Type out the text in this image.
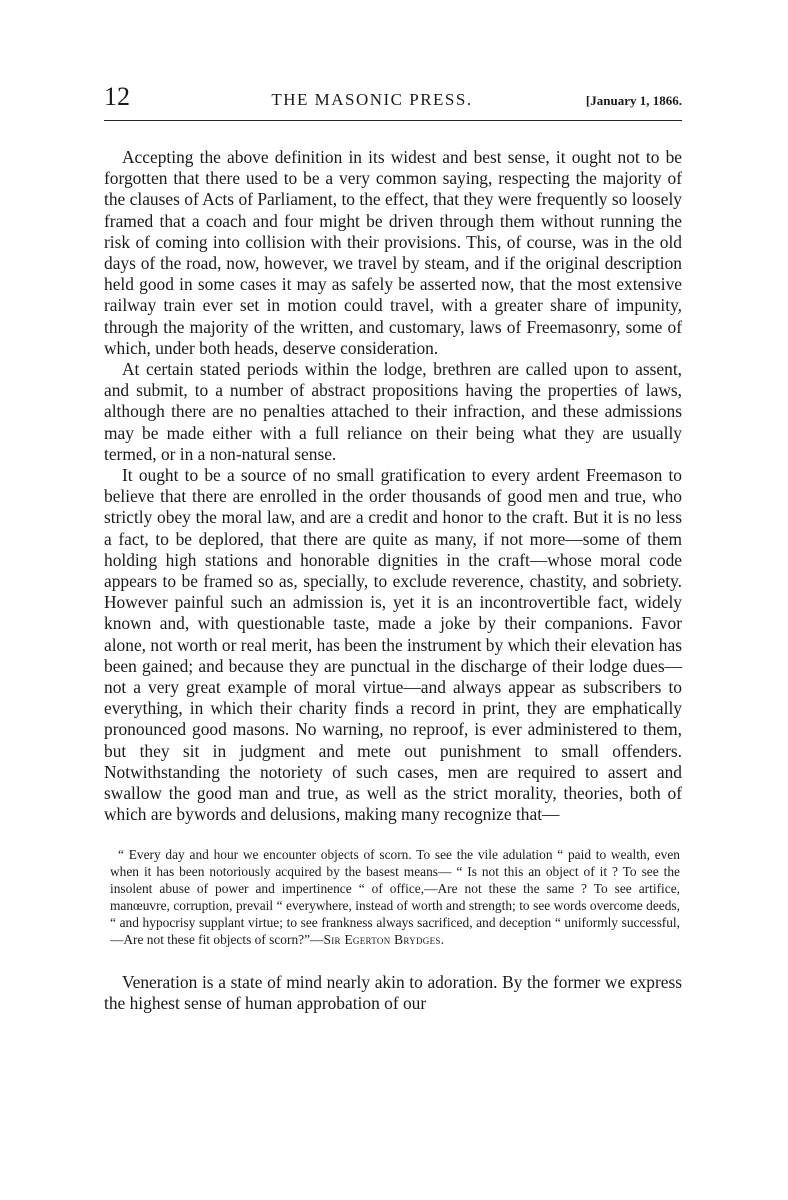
12	THE MASONIC PRESS.	[January 1, 1866.

Accepting the above definition in its widest and best sense, it ought not to be forgotten that there used to be a very common saying, respecting the majority of the clauses of Acts of Parliament, to the effect, that they were frequently so loosely framed that a coach and four might be driven through them without running the risk of coming into collision with their provisions. This, of course, was in the old days of the road, now, however, we travel by steam, and if the original description held good in some cases it may as safely be asserted now, that the most extensive railway train ever set in motion could travel, with a greater share of impunity, through the majority of the written, and customary, laws of Freemasonry, some of which, under both heads, deserve consideration.

At certain stated periods within the lodge, brethren are called upon to assent, and submit, to a number of abstract propositions having the properties of laws, although there are no penalties attached to their infraction, and these admissions may be made either with a full reliance on their being what they are usually termed, or in a non-natural sense.

It ought to be a source of no small gratification to every ardent Freemason to believe that there are enrolled in the order thousands of good men and true, who strictly obey the moral law, and are a credit and honor to the craft. But it is no less a fact, to be deplored, that there are quite as many, if not more—some of them holding high stations and honorable dignities in the craft—whose moral code appears to be framed so as, specially, to exclude reverence, chastity, and sobriety. However painful such an admission is, yet it is an incontrovertible fact, widely known and, with questionable taste, made a joke by their companions. Favor alone, not worth or real merit, has been the instrument by which their elevation has been gained; and because they are punctual in the discharge of their lodge dues—not a very great example of moral virtue—and always appear as subscribers to everything, in which their charity finds a record in print, they are emphatically pronounced good masons. No warning, no reproof, is ever administered to them, but they sit in judgment and mete out punishment to small offenders. Notwithstanding the notoriety of such cases, men are required to assert and swallow the good man and true, as well as the strict morality, theories, both of which are bywords and delusions, making many recognize that—

“ Every day and hour we encounter objects of scorn. To see the vile adulation “ paid to wealth, even when it has been notoriously acquired by the basest means— “ Is not this an object of it ? To see the insolent abuse of power and impertinence “ of office,—Are not these the same ? To see artifice, manœuvre, corruption, prevail “ everywhere, instead of worth and strength; to see words overcome deeds, “ and hypocrisy supplant virtue; to see frankness always sacrificed, and deception “ uniformly successful,—Are not these fit objects of scorn?”—Sir Egerton Brydges.

Veneration is a state of mind nearly akin to adoration. By the former we express the highest sense of human approbation of our
